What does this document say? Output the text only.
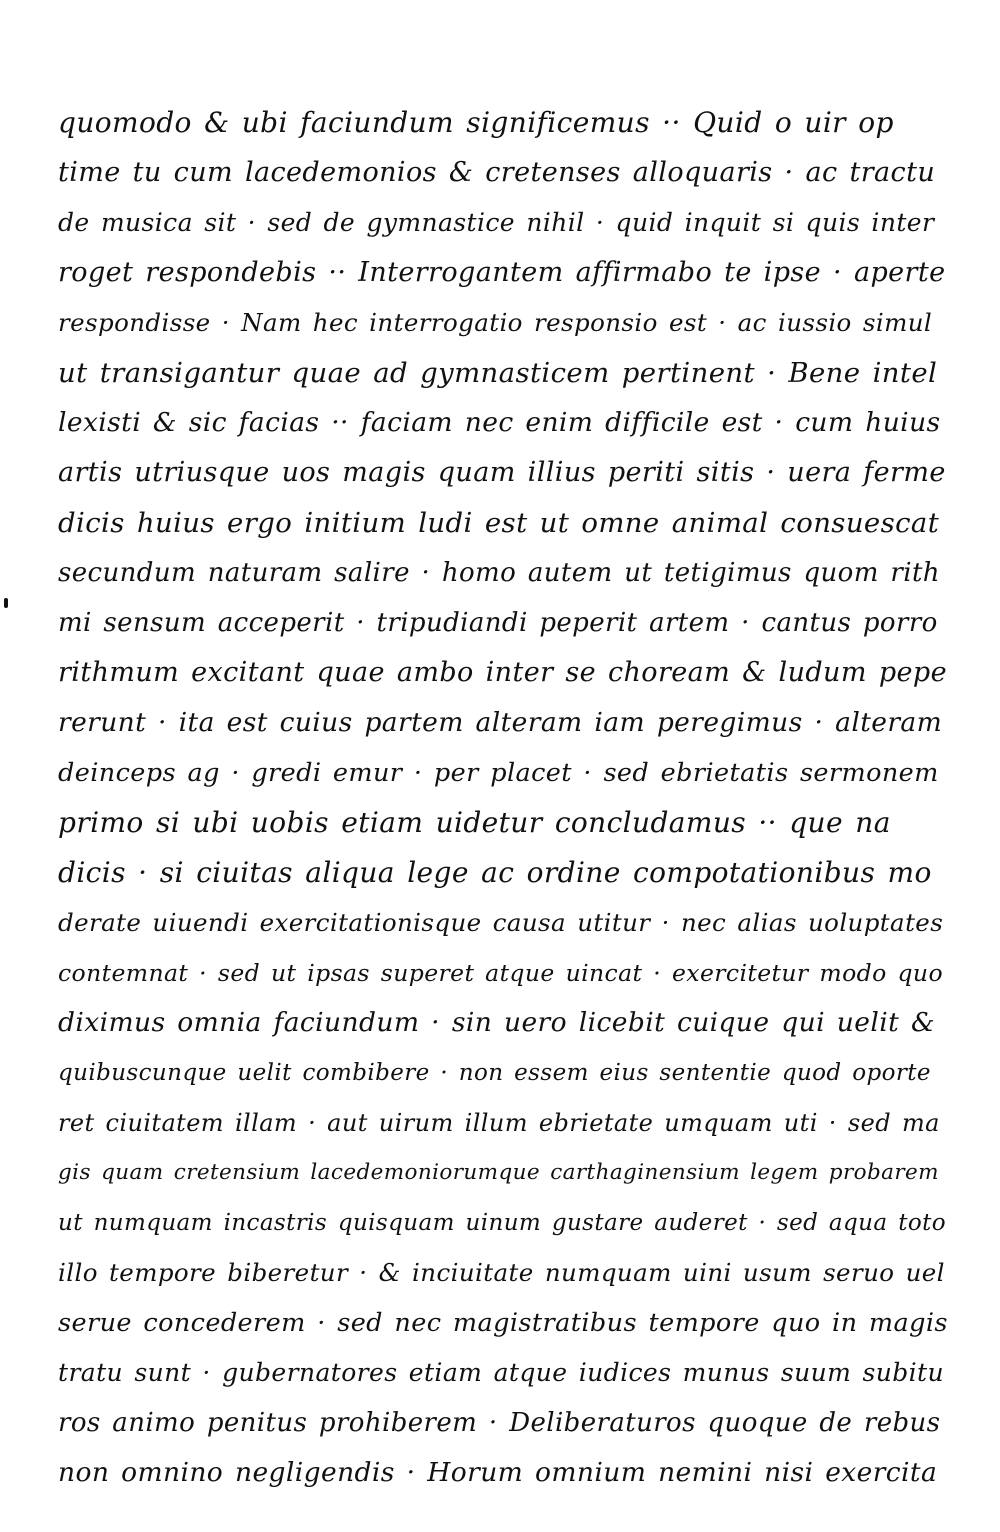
quomodo & ubi faciundum significemus ·· Quid o uir op
time tu cum lacedemonios & cretenses alloquaris · ac tractu
de musica sit · sed de gymnastice nihil · quid inquit si quis inter
roget respondebis ·· Interrogantem affirmabo te ipse · aperte
respondisse · Nam hec interrogatio responsio est · ac iussio simul
ut transigantur quae ad gymnasticem pertinent · Bene intel
lexisti & sic facias ·· faciam nec enim difficile est · cum huius
artis utriusque uos magis quam illius periti sitis · uera ferme
dicis huius ergo initium ludi est ut omne animal consuescat
secundum naturam salire · homo autem ut tetigimus quom rith
mi sensum acceperit · tripudiandi peperit artem · cantus porro
rithmum excitant quae ambo inter se choream & ludum pepe
rerunt · ita est cuius partem alteram iam peregimus · alteram
deinceps ag · gredi emur · per placet · sed ebrietatis sermonem
primo si ubi uobis etiam uidetur concludamus ·· que na
dicis · si ciuitas aliqua lege ac ordine compotationibus mo
derate uiuendi exercitationisque causa utitur · nec alias uoluptates
contemnat · sed ut ipsas superet atque uincat · exercitetur modo quo
diximus omnia faciundum · sin uero licebit cuique qui uelit &
quibuscunque uelit combibere · non essem eius sententie quod oporte
ret ciuitatem illam · aut uirum illum ebrietate umquam uti · sed ma
gis quam cretensium lacedemoniorumque carthaginensium legem probarem
ut numquam incastris quisquam uinum gustare auderet · sed aqua toto
illo tempore biberetur · & inciuitate numquam uini usum seruo uel
serue concederem · sed nec magistratibus tempore quo in magis
tratu sunt · gubernatores etiam atque iudices munus suum subitu
ros animo penitus prohiberem · Deliberaturos quoque de rebus
non omnino negligendis · Horum omnium nemini nisi exercita
